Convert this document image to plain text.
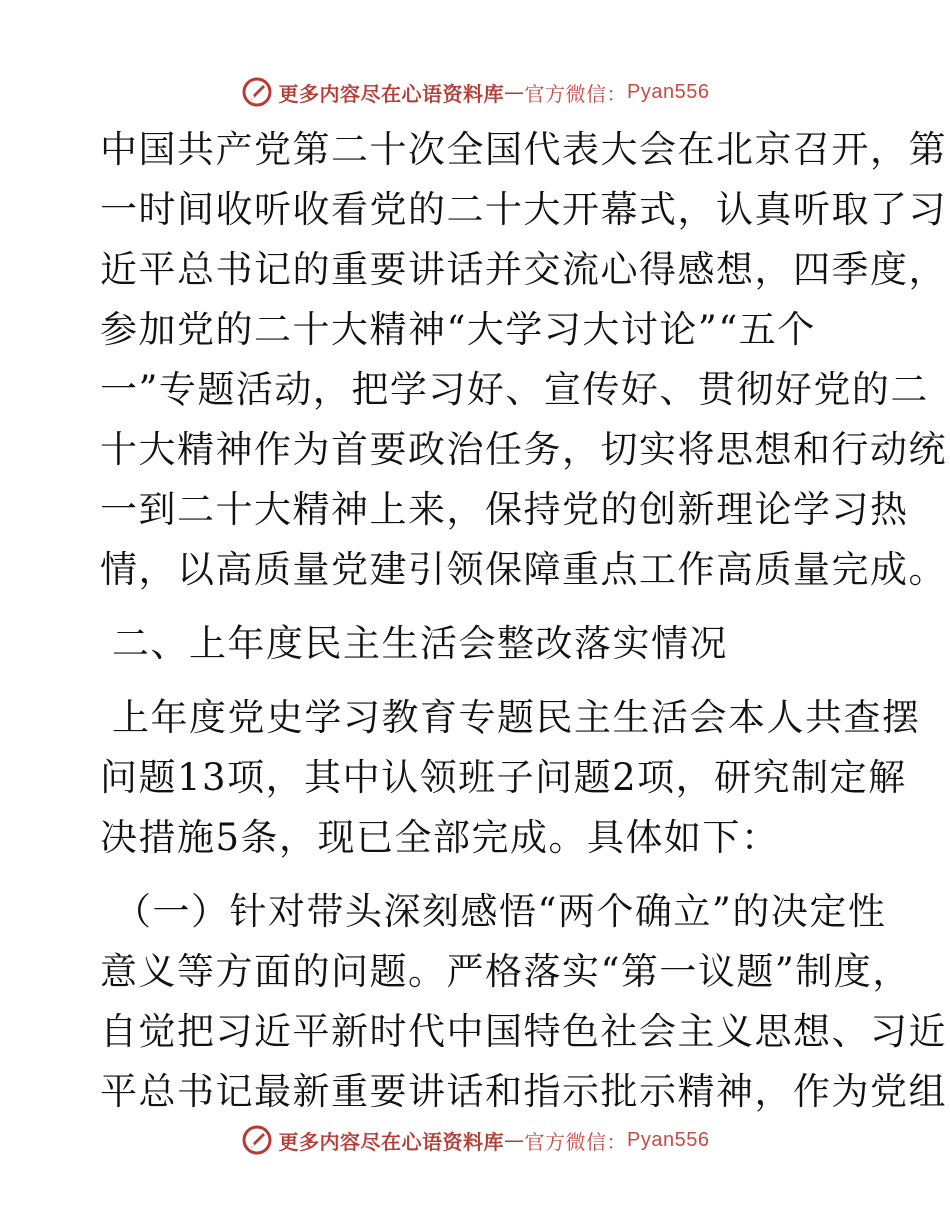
更多内容尽在心语资料库 — 官方微信： Pyan556
中国共产党第二十次全国代表大会在北京召开，第
一时间收听收看党的二十大开幕式，认真听取了习
近平总书记的重要讲话并交流心得感想，四季度，
参加党的二十大精神“大学习大讨论”“五个
一”专题活动，把学习好、宣传好、贯彻好党的二
十大精神作为首要政治任务，切实将思想和行动统
一到二十大精神上来，保持党的创新理论学习热
情，以高质量党建引领保障重点工作高质量完成。
二、上年度民主生活会整改落实情况
上年度党史学习教育专题民主生活会本人共查摆
问题13项，其中认领班子问题2项，研究制定解
决措施5条，现已全部完成。具体如下：
（一）针对带头深刻感悟“两个确立”的决定性
意义等方面的问题。严格落实“第一议题”制度，
自觉把习近平新时代中国特色社会主义思想、习近
平总书记最新重要讲话和指示批示精神，作为党组
更多内容尽在心语资料库 — 官方微信： Pyan556
